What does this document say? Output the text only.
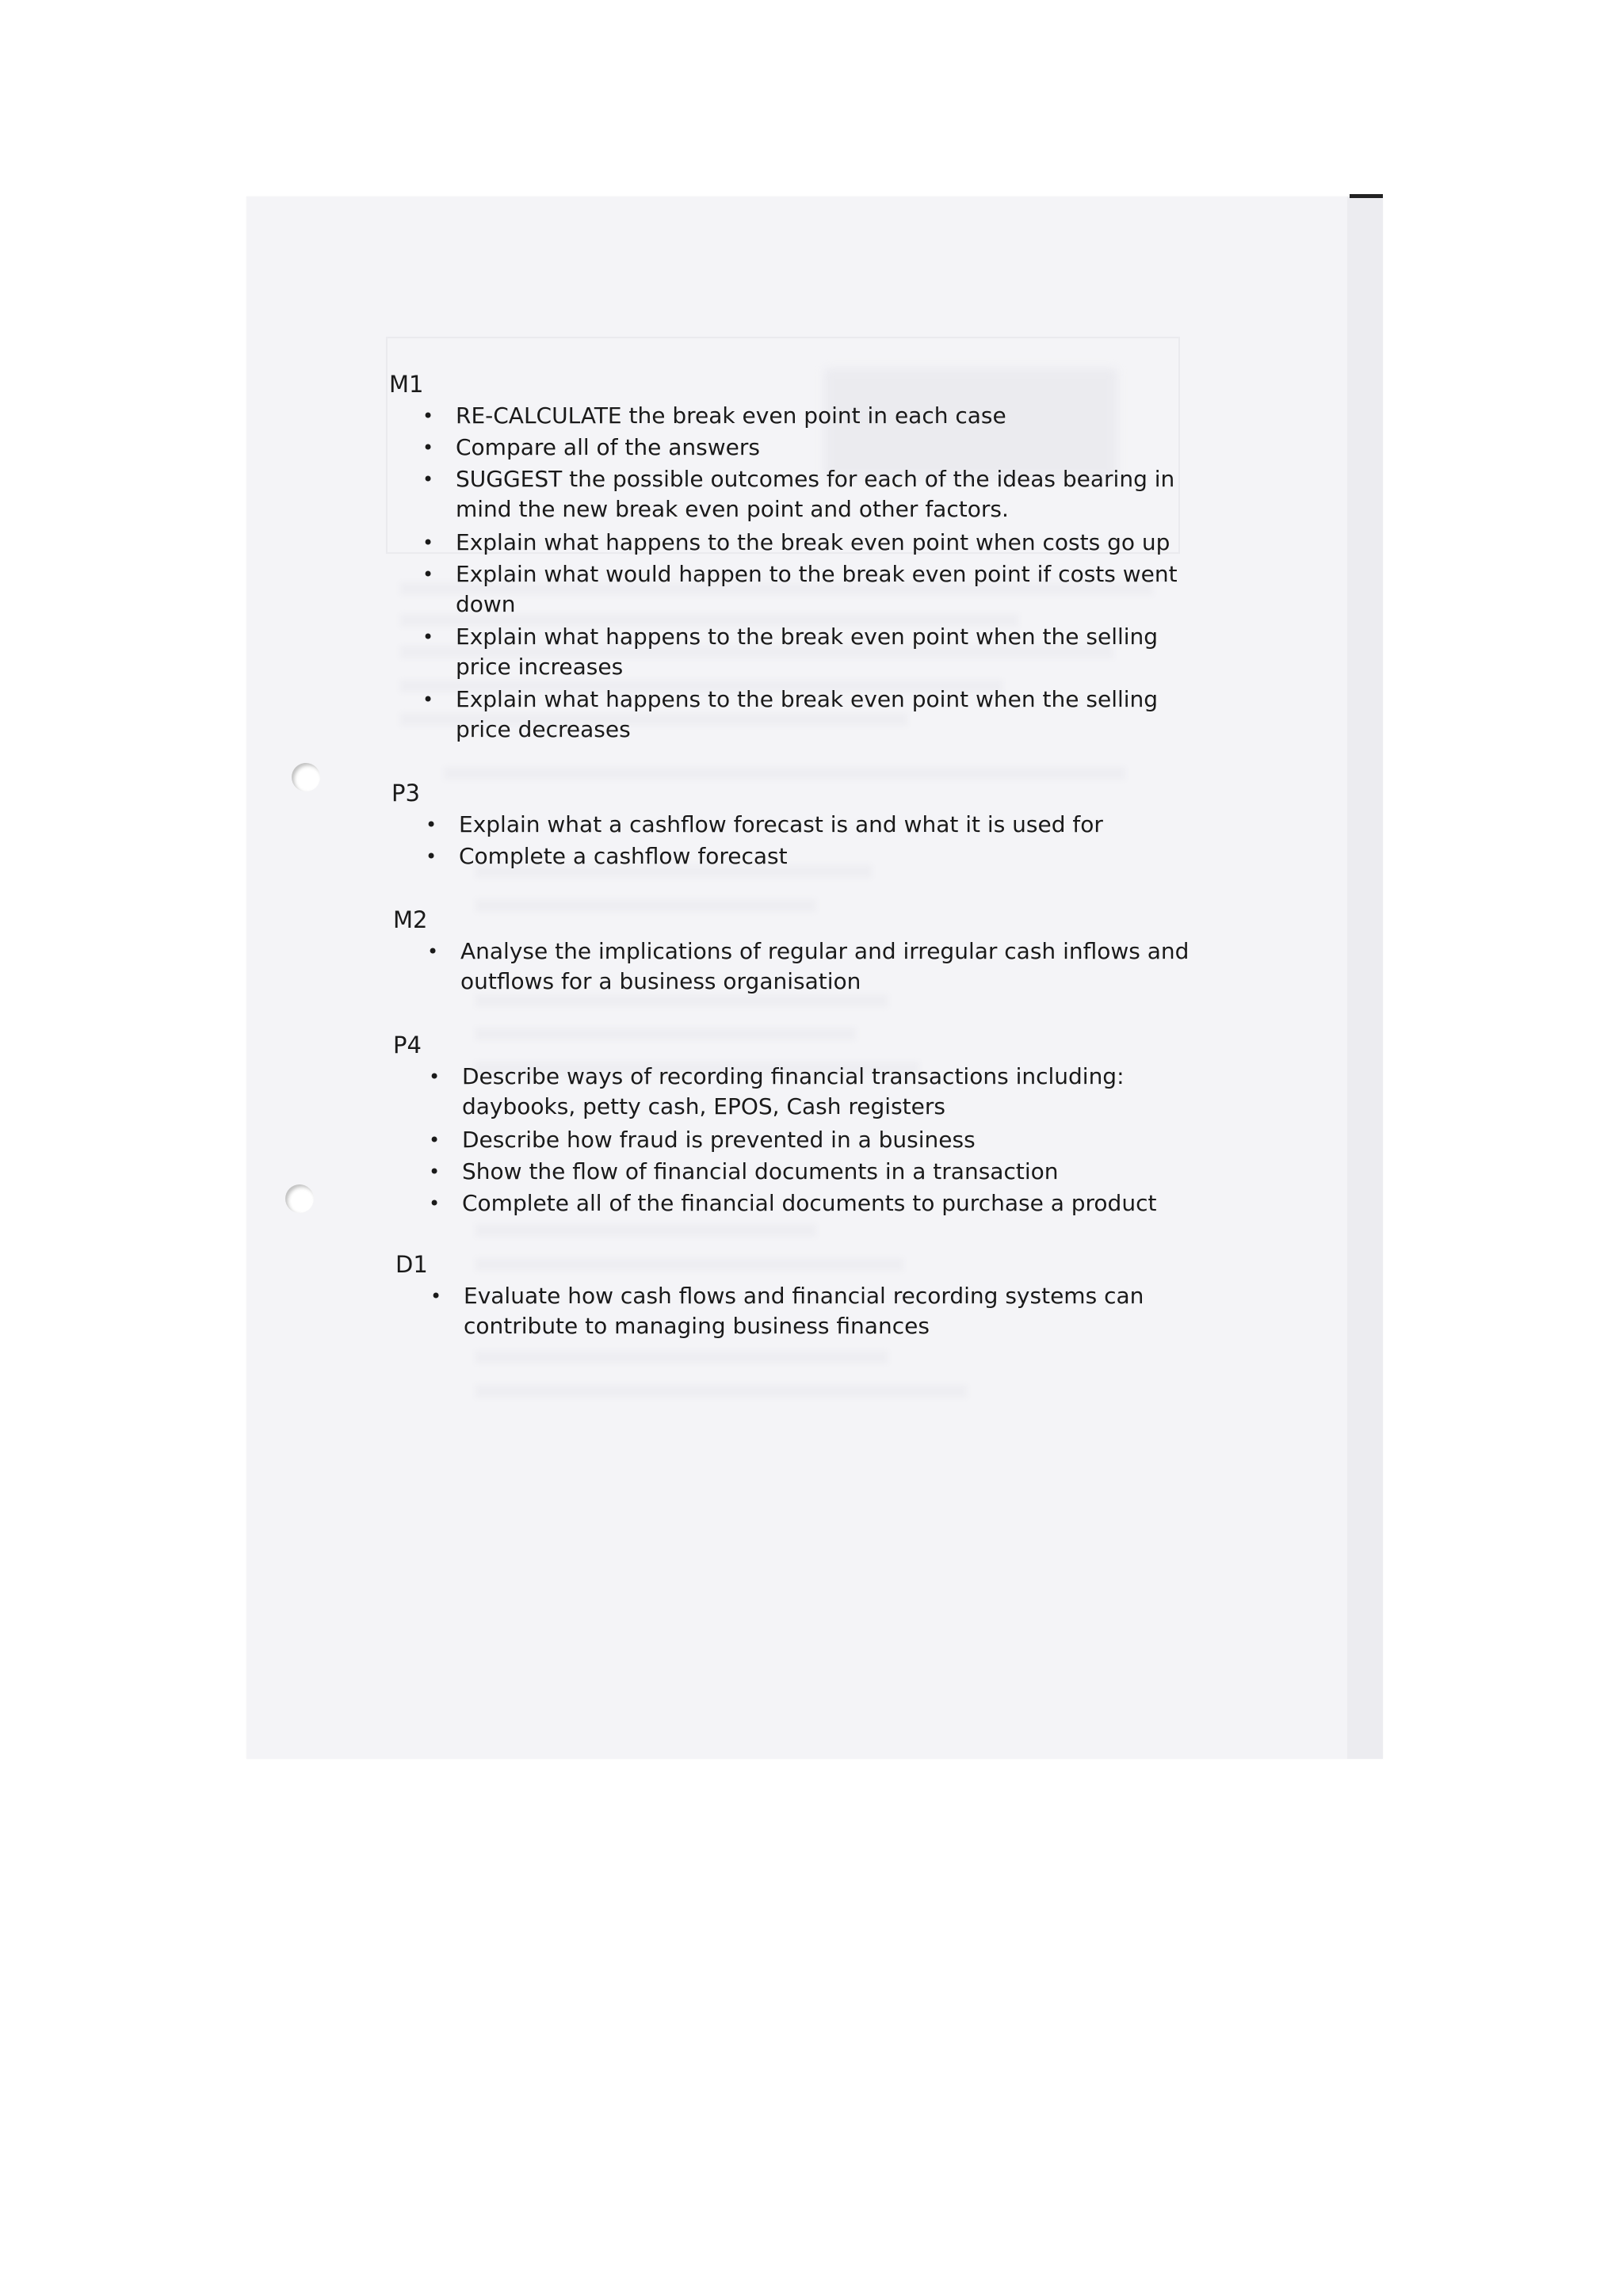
M1
• RE-CALCULATE the break even point in each case
• Compare all of the answers
• SUGGEST the possible outcomes for each of the ideas bearing in mind the new break even point and other factors.
• Explain what happens to the break even point when costs go up
• Explain what would happen to the break even point if costs went down
• Explain what happens to the break even point when the selling price increases
• Explain what happens to the break even point when the selling price decreases
P3
• Explain what a cashflow forecast is and what it is used for
• Complete a cashflow forecast
M2
• Analyse the implications of regular and irregular cash inflows and outflows for a business organisation
P4
• Describe ways of recording financial transactions including: daybooks, petty cash, EPOS, Cash registers
• Describe how fraud is prevented in a business
• Show the flow of financial documents in a transaction
• Complete all of the financial documents to purchase a product
D1
• Evaluate how cash flows and financial recording systems can contribute to managing business finances
